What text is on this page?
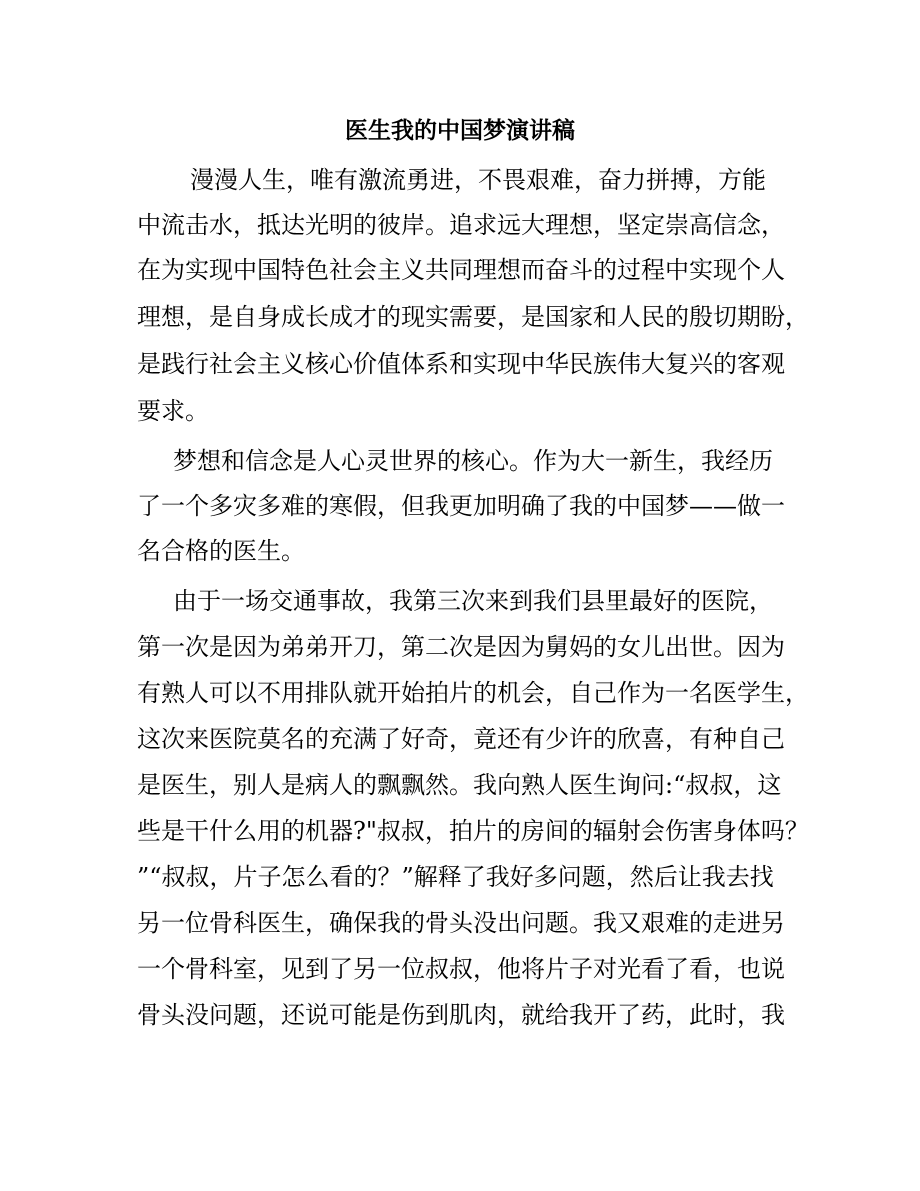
医生我的中国梦演讲稿
漫漫人生，唯有激流勇进，不畏艰难，奋力拼搏，方能
中流击水，抵达光明的彼岸。追求远大理想，坚定崇高信念，
在为实现中国特色社会主义共同理想而奋斗的过程中实现个人
理想，是自身成长成才的现实需要，是国家和人民的殷切期盼，
是践行社会主义核心价值体系和实现中华民族伟大复兴的客观
要求。
梦想和信念是人心灵世界的核心。作为大一新生，我经历
了一个多灾多难的寒假，但我更加明确了我的中国梦——做一
名合格的医生。
由于一场交通事故，我第三次来到我们县里最好的医院，
第一次是因为弟弟开刀，第二次是因为舅妈的女儿出世。因为
有熟人可以不用排队就开始拍片的机会，自己作为一名医学生，
这次来医院莫名的充满了好奇，竟还有少许的欣喜，有种自己
是医生，别人是病人的飘飘然。我向熟人医生询问:“叔叔，这
些是干什么用的机器?"叔叔，拍片的房间的辐射会伤害身体吗？
”“叔叔，片子怎么看的？”解释了我好多问题，然后让我去找
另一位骨科医生，确保我的骨头没出问题。我又艰难的走进另
一个骨科室，见到了另一位叔叔，他将片子对光看了看，也说
骨头没问题，还说可能是伤到肌肉，就给我开了药，此时，我
